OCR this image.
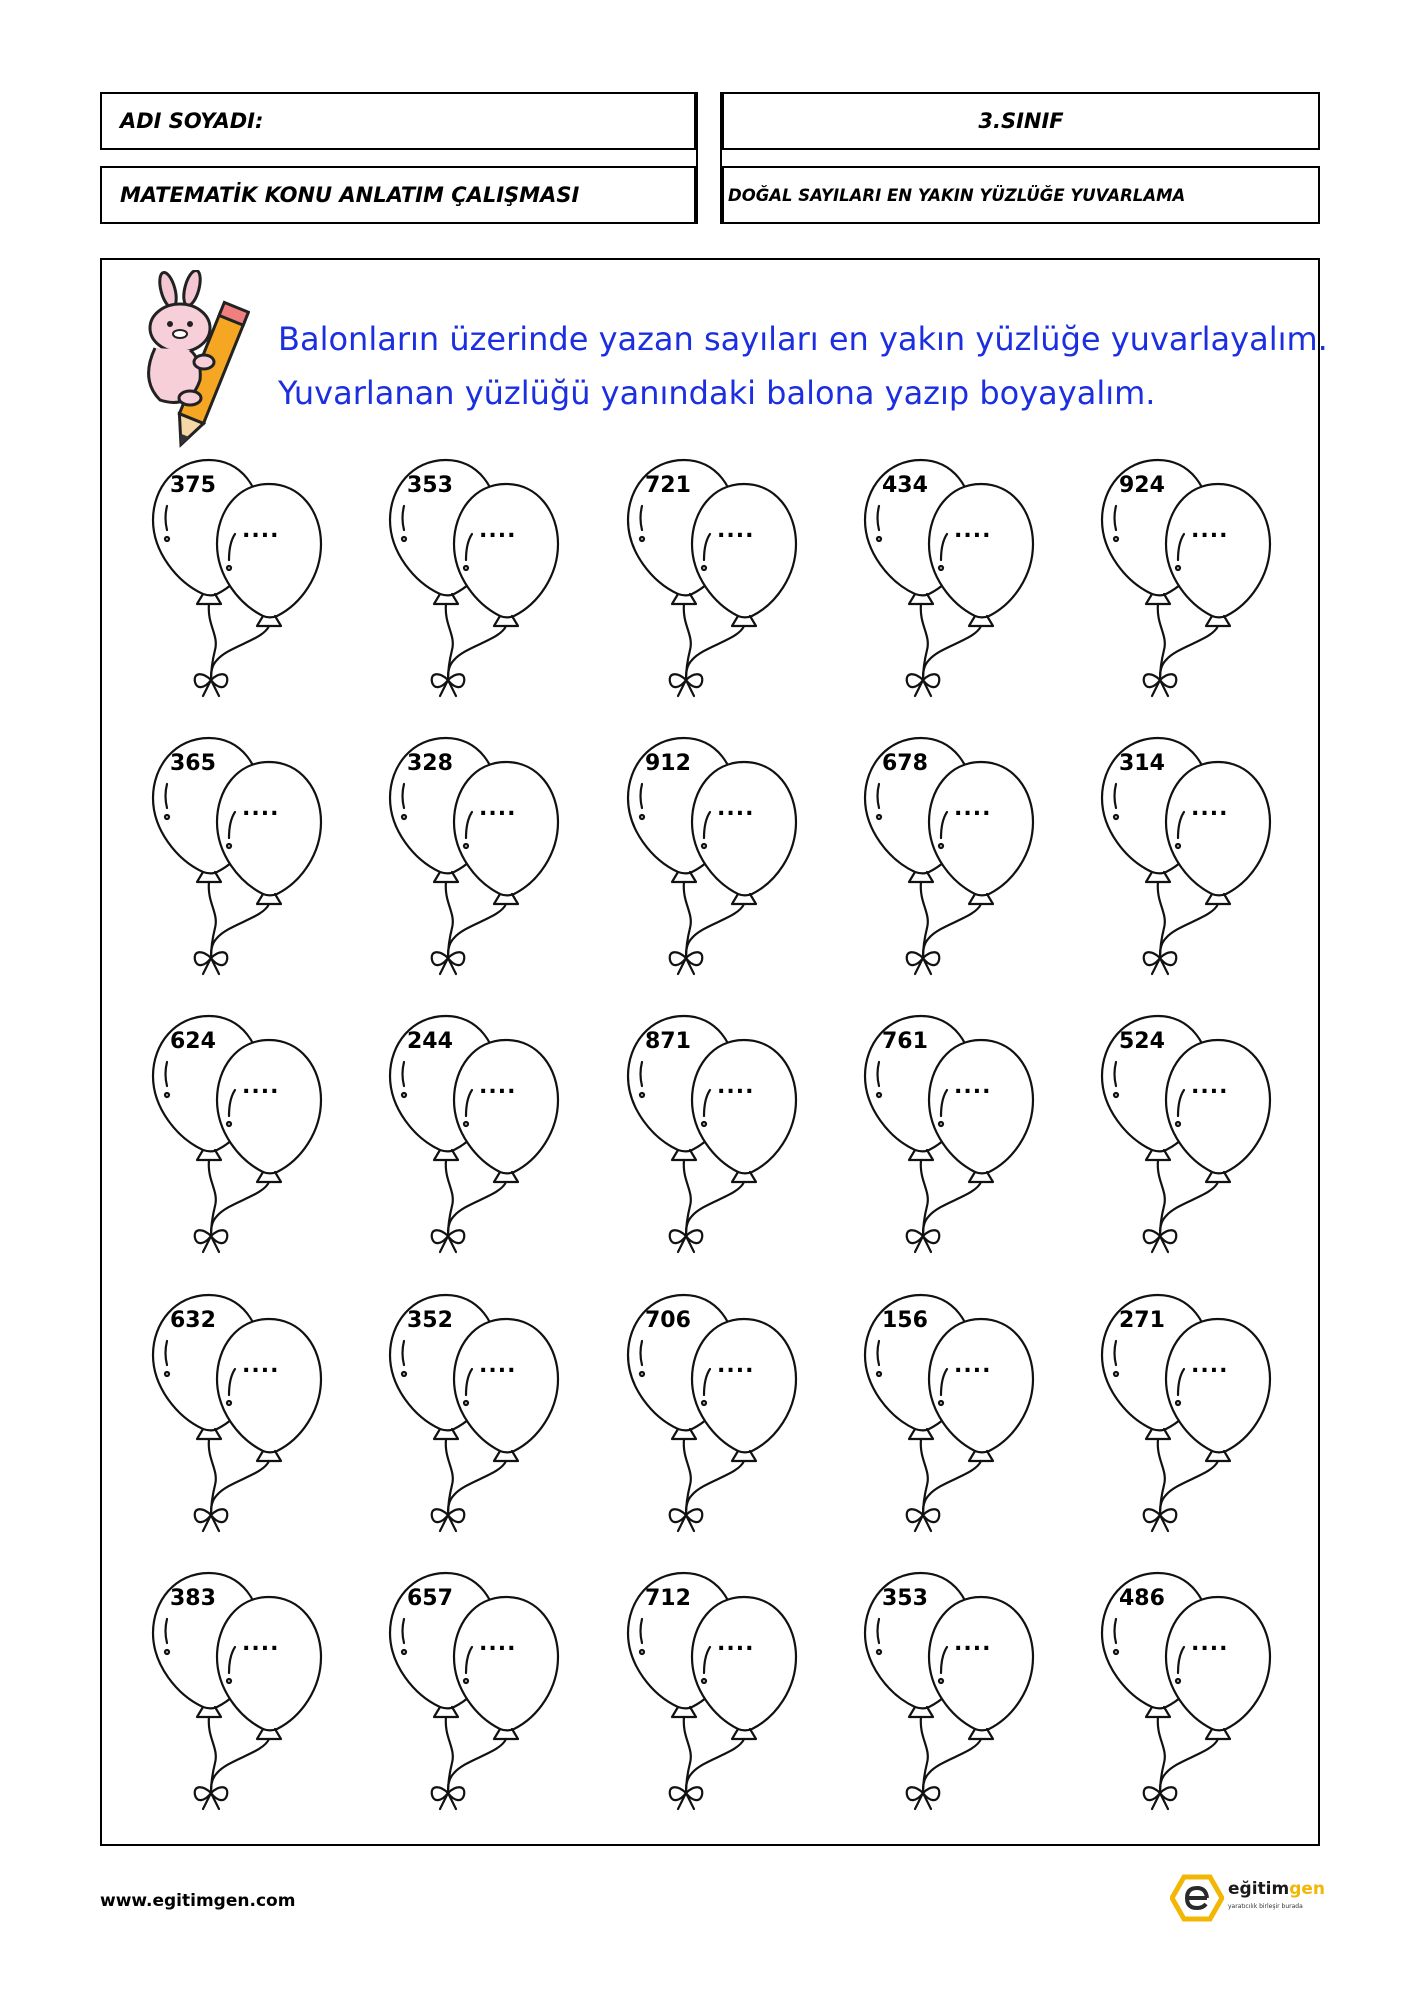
ADI SOYADI:	3.SINIF
MATEMATİK KONU ANLATIM ÇALIŞMASI	DOĞAL SAYILARI EN YAKIN YÜZLÜĞE YUVARLAMA
Balonların üzerinde yazan sayıları en yakın yüzlüğe yuvarlayalım.
Yuvarlanan yüzlüğü yanındaki balona yazıp boyayalım.
375
....
353
....
721
....
434
....
924
....
365
....
328
....
912
....
678
....
314
....
624
....
244
....
871
....
761
....
524
....
632
....
352
....
706
....
156
....
271
....
383
....
657
....
712
....
353
....
486
....
www.egitimgen.com
eğitimgen
yaratıcılık birleşir burada
